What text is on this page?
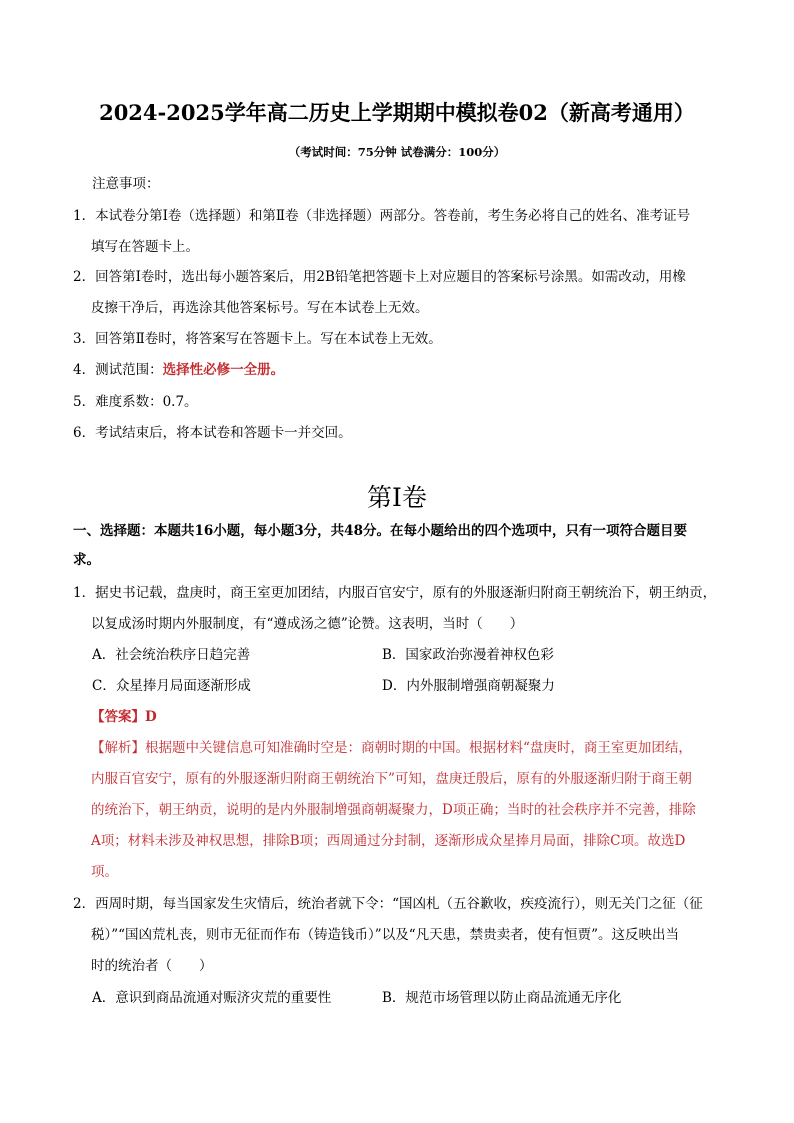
2024-2025学年高二历史上学期期中模拟卷02（新高考通用）
（考试时间：75分钟 试卷满分：100分）
注意事项：
1．本试卷分第Ⅰ卷（选择题）和第Ⅱ卷（非选择题）两部分。答卷前，考生务必将自己的姓名、准考证号
填写在答题卡上。
2．回答第Ⅰ卷时，选出每小题答案后，用2B铅笔把答题卡上对应题目的答案标号涂黑。如需改动，用橡
皮擦干净后，再选涂其他答案标号。写在本试卷上无效。
3．回答第Ⅱ卷时，将答案写在答题卡上。写在本试卷上无效。
4．测试范围：选择性必修一全册。
5．难度系数：0.7。
6．考试结束后，将本试卷和答题卡一并交回。
第Ⅰ卷
一、选择题：本题共16小题，每小题3分，共48分。在每小题给出的四个选项中，只有一项符合题目要
求。
1．据史书记载，盘庚时，商王室更加团结，内服百官安宁，原有的外服逐渐归附商王朝统治下，朝王纳贡，
以复成汤时期内外服制度，有“遵成汤之德”论赞。这表明，当时（　　）
A．社会统治秩序日趋完善	B．国家政治弥漫着神权色彩
C．众星捧月局面逐渐形成	D．内外服制增强商朝凝聚力
【答案】D
【解析】根据题中关键信息可知准确时空是：商朝时期的中国。根据材料“盘庚时，商王室更加团结，
内服百官安宁，原有的外服逐渐归附商王朝统治下”可知，盘庚迁殷后，原有的外服逐渐归附于商王朝
的统治下，朝王纳贡，说明的是内外服制增强商朝凝聚力，D项正确；当时的社会秩序并不完善，排除
A项；材料未涉及神权思想，排除B项；西周通过分封制，逐渐形成众星捧月局面，排除C项。故选D
项。
2．西周时期，每当国家发生灾情后，统治者就下令：“国凶札（五谷歉收，疾疫流行），则无关门之征（征
税）”“国凶荒札丧，则市无征而作布（铸造钱币）”以及“凡天患，禁贵卖者，使有恒贾”。这反映出当
时的统治者（　　）
A．意识到商品流通对赈济灾荒的重要性	B．规范市场管理以防止商品流通无序化
